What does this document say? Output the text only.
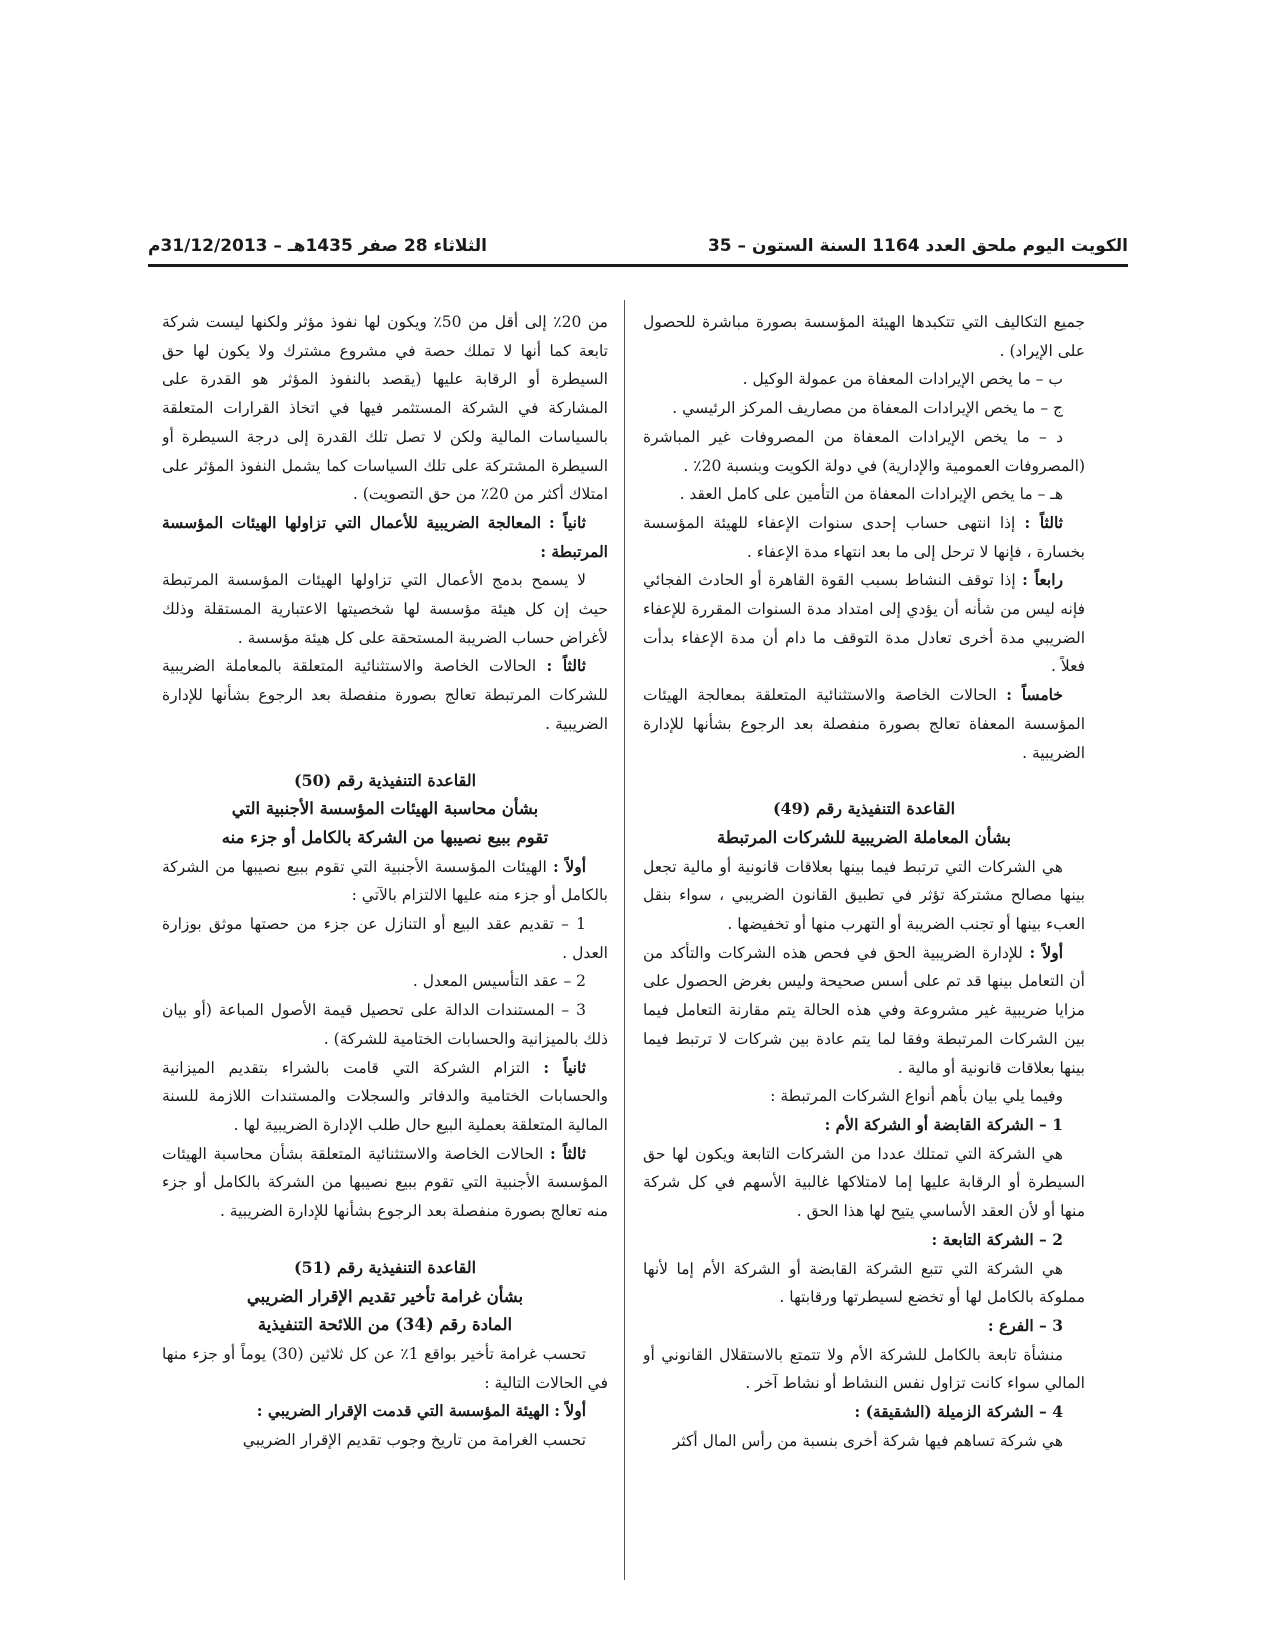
الكويت اليوم ملحق العدد 1164 السنة الستون – 35
الثلاثاء 28 صفر 1435هـ – 31/12/2013م

جميع التكاليف التي تتكبدها الهيئة المؤسسة بصورة مباشرة للحصول على الإيراد) .

ب – ما يخص الإيرادات المعفاة من عمولة الوكيل .

ج – ما يخص الإيرادات المعفاة من مصاريف المركز الرئيسي .

د – ما يخص الإيرادات المعفاة من المصروفات غير المباشرة (المصروفات العمومية والإدارية) في دولة الكويت وبنسبة 20٪ .

هـ – ما يخص الإيرادات المعفاة من التأمين على كامل العقد .

ثالثاً : إذا انتهى حساب إحدى سنوات الإعفاء للهيئة المؤسسة بخسارة ، فإنها لا ترحل إلى ما بعد انتهاء مدة الإعفاء .

رابعاً : إذا توقف النشاط بسبب القوة القاهرة أو الحادث الفجائي فإنه ليس من شأنه أن يؤدي إلى امتداد مدة السنوات المقررة للإعفاء الضريبي مدة أخرى تعادل مدة التوقف ما دام أن مدة الإعفاء بدأت فعلاً .

خامساً : الحالات الخاصة والاستثنائية المتعلقة بمعالجة الهيئات المؤسسة المعفاة تعالج بصورة منفصلة بعد الرجوع بشأنها للإدارة الضريبية .

القاعدة التنفيذية رقم (49)

بشأن المعاملة الضريبية للشركات المرتبطة

هي الشركات التي ترتبط فيما بينها بعلاقات قانونية أو مالية تجعل بينها مصالح مشتركة تؤثر في تطبيق القانون الضريبي ، سواء بنقل العبء بينها أو تجنب الضريبة أو التهرب منها أو تخفيضها .

أولاً : للإدارة الضريبية الحق في فحص هذه الشركات والتأكد من أن التعامل بينها قد تم على أسس صحيحة وليس بغرض الحصول على مزايا ضريبية غير مشروعة وفي هذه الحالة يتم مقارنة التعامل فيما بين الشركات المرتبطة وفقا لما يتم عادة بين شركات لا ترتبط فيما بينها بعلاقات قانونية أو مالية .

وفيما يلي بيان بأهم أنواع الشركات المرتبطة :

1 – الشركة القابضة أو الشركة الأم :

هي الشركة التي تمتلك عددا من الشركات التابعة ويكون لها حق السيطرة أو الرقابة عليها إما لامتلاكها غالبية الأسهم في كل شركة منها أو لأن العقد الأساسي يتيح لها هذا الحق .

2 – الشركة التابعة :

هي الشركة التي تتبع الشركة القابضة أو الشركة الأم إما لأنها مملوكة بالكامل لها أو تخضع لسيطرتها ورقابتها .

3 – الفرع :

منشأة تابعة بالكامل للشركة الأم ولا تتمتع بالاستقلال القانوني أو المالي سواء كانت تزاول نفس النشاط أو نشاط آخر .

4 – الشركة الزميلة (الشقيقة) :

هي شركة تساهم فيها شركة أخرى بنسبة من رأس المال أكثر

من 20٪ إلى أقل من 50٪ ويكون لها نفوذ مؤثر ولكنها ليست شركة تابعة كما أنها لا تملك حصة في مشروع مشترك ولا يكون لها حق السيطرة أو الرقابة عليها (يقصد بالنفوذ المؤثر هو القدرة على المشاركة في الشركة المستثمر فيها في اتخاذ القرارات المتعلقة بالسياسات المالية ولكن لا تصل تلك القدرة إلى درجة السيطرة أو السيطرة المشتركة على تلك السياسات كما يشمل النفوذ المؤثر على امتلاك أكثر من 20٪ من حق التصويت) .

ثانياً : المعالجة الضريبية للأعمال التي تزاولها الهيئات المؤسسة المرتبطة :

لا يسمح بدمج الأعمال التي تزاولها الهيئات المؤسسة المرتبطة حيث إن كل هيئة مؤسسة لها شخصيتها الاعتبارية المستقلة وذلك لأغراض حساب الضريبة المستحقة على كل هيئة مؤسسة .

ثالثاً : الحالات الخاصة والاستثنائية المتعلقة بالمعاملة الضريبية للشركات المرتبطة تعالج بصورة منفصلة بعد الرجوع بشأنها للإدارة الضريبية .

القاعدة التنفيذية رقم (50)

بشأن محاسبة الهيئات المؤسسة الأجنبية التي

تقوم ببيع نصيبها من الشركة بالكامل أو جزء منه

أولاً : الهيئات المؤسسة الأجنبية التي تقوم ببيع نصيبها من الشركة بالكامل أو جزء منه عليها الالتزام بالآتي :

1 – تقديم عقد البيع أو التنازل عن جزء من حصتها موثق بوزارة العدل .

2 – عقد التأسيس المعدل .

3 – المستندات الدالة على تحصيل قيمة الأصول المباعة (أو بيان ذلك بالميزانية والحسابات الختامية للشركة) .

ثانياً : التزام الشركة التي قامت بالشراء بتقديم الميزانية والحسابات الختامية والدفاتر والسجلات والمستندات اللازمة للسنة المالية المتعلقة بعملية البيع حال طلب الإدارة الضريبية لها .

ثالثاً : الحالات الخاصة والاستثنائية المتعلقة بشأن محاسبة الهيئات المؤسسة الأجنبية التي تقوم ببيع نصيبها من الشركة بالكامل أو جزء منه تعالج بصورة منفصلة بعد الرجوع بشأنها للإدارة الضريبية .

القاعدة التنفيذية رقم (51)

بشأن غرامة تأخير تقديم الإقرار الضريبي

المادة رقم (34) من اللائحة التنفيذية

تحسب غرامة تأخير بواقع 1٪ عن كل ثلاثين (30) يوماً أو جزء منها في الحالات التالية :

أولاً : الهيئة المؤسسة التي قدمت الإقرار الضريبي :

تحسب الغرامة من تاريخ وجوب تقديم الإقرار الضريبي
